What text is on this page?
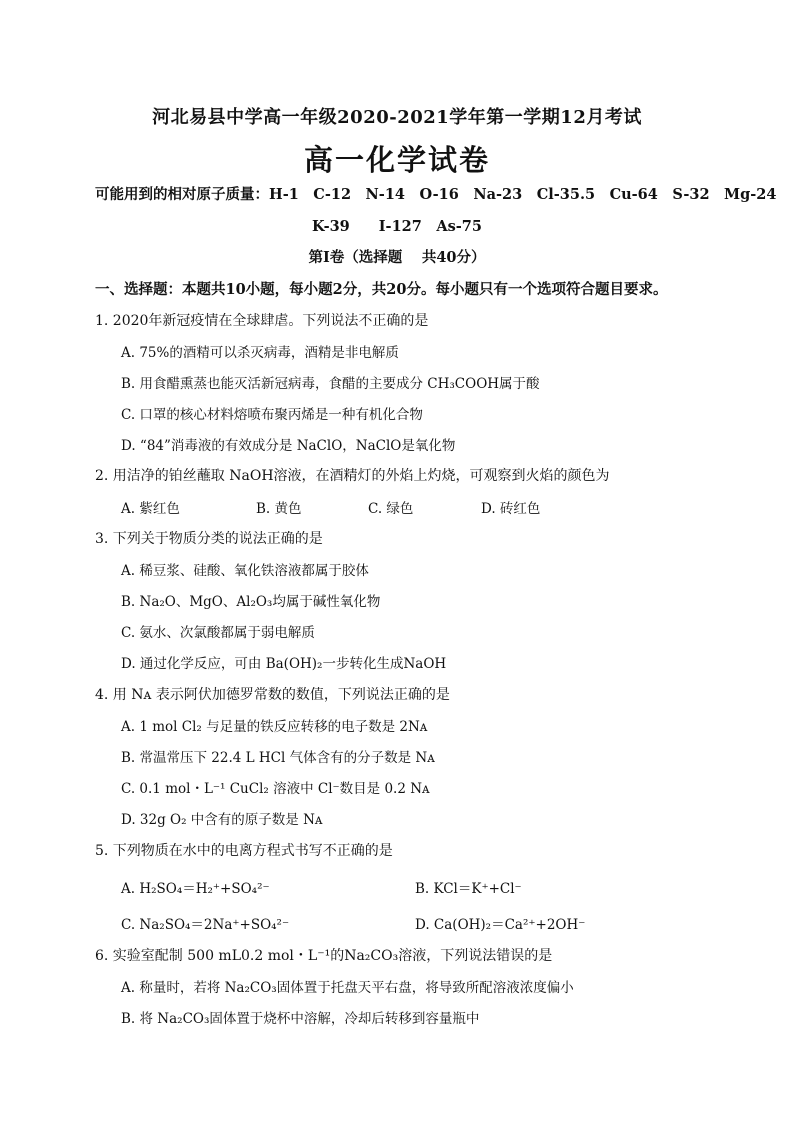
河北易县中学高一年级2020-2021学年第一学期12月考试
高一化学试卷
可能用到的相对原子质量：H-1　C-12　N-14　O-16　Na-23　Cl-35.5　Cu-64　S-32　Mg-24
K-39　　I-127　As-75
第Ⅰ卷（选择题　 共40分）
一、选择题：本题共10小题，每小题2分，共20分。每小题只有一个选项符合题目要求。
1. 2020年新冠疫情在全球肆虐。下列说法不正确的是
A. 75%的酒精可以杀灭病毒，酒精是非电解质
B. 用食醋熏蒸也能灭活新冠病毒，食醋的主要成分 CH₃COOH属于酸
C. 口罩的核心材料熔喷布聚丙烯是一种有机化合物
D. “84”消毒液的有效成分是 NaClO，NaClO是氧化物
2. 用洁净的铂丝蘸取 NaOH溶液，在酒精灯的外焰上灼烧，可观察到火焰的颜色为
A. 紫红色	B. 黄色	C. 绿色	D. 砖红色
3. 下列关于物质分类的说法正确的是
A. 稀豆浆、硅酸、氧化铁溶液都属于胶体
B. Na₂O、MgO、Al₂O₃均属于碱性氧化物
C. 氨水、次氯酸都属于弱电解质
D. 通过化学反应，可由 Ba(OH)₂一步转化生成NaOH
4. 用 Nᴀ 表示阿伏加德罗常数的数值，下列说法正确的是
A. 1 mol Cl₂ 与足量的铁反应转移的电子数是 2Nᴀ
B. 常温常压下 22.4 L HCl 气体含有的分子数是 Nᴀ
C. 0.1 mol・L⁻¹ CuCl₂ 溶液中 Cl⁻数目是 0.2 Nᴀ
D. 32g O₂ 中含有的原子数是 Nᴀ
5. 下列物质在水中的电离方程式书写不正确的是
A. H₂SO₄＝H₂⁺+SO₄²⁻	B. KCl＝K⁺+Cl⁻
C. Na₂SO₄＝2Na⁺+SO₄²⁻	D. Ca(OH)₂＝Ca²⁺+2OH⁻
6. 实验室配制 500 mL0.2 mol・L⁻¹的Na₂CO₃溶液，下列说法错误的是
A. 称量时，若将 Na₂CO₃固体置于托盘天平右盘，将导致所配溶液浓度偏小
B. 将 Na₂CO₃固体置于烧杯中溶解，冷却后转移到容量瓶中
